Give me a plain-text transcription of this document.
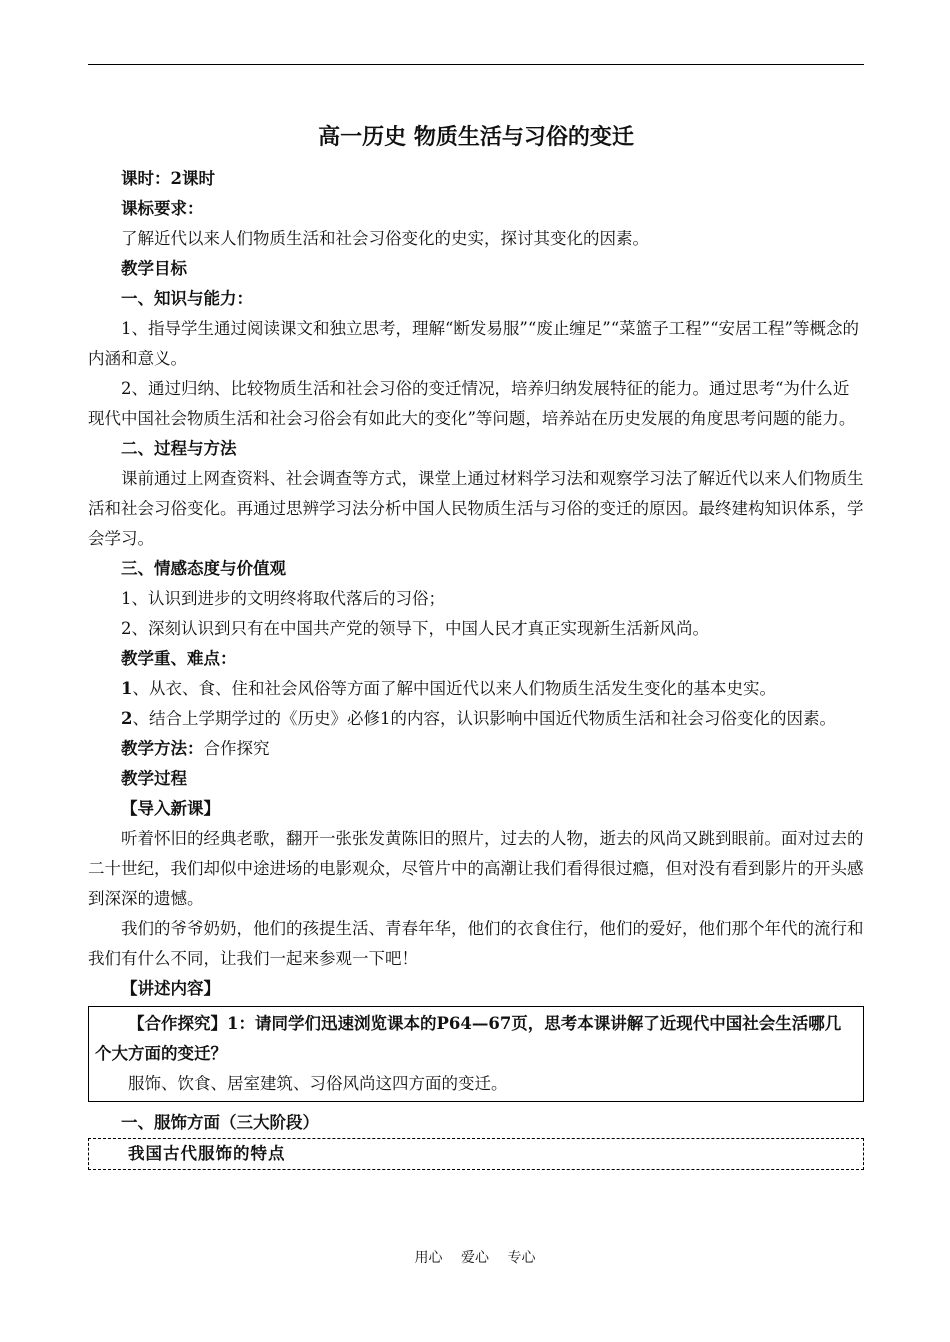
高一历史 物质生活与习俗的变迁

课时：2课时

课标要求：

了解近代以来人们物质生活和社会习俗变化的史实，探讨其变化的因素。

教学目标

一、知识与能力：

1、指导学生通过阅读课文和独立思考，理解“断发易服”“废止缠足”“菜篮子工程”“安居工程”等概念的内涵和意义。

2、通过归纳、比较物质生活和社会习俗的变迁情况，培养归纳发展特征的能力。通过思考“为什么近现代中国社会物质生活和社会习俗会有如此大的变化”等问题，培养站在历史发展的角度思考问题的能力。

二、过程与方法

课前通过上网查资料、社会调查等方式，课堂上通过材料学习法和观察学习法了解近代以来人们物质生活和社会习俗变化。再通过思辨学习法分析中国人民物质生活与习俗的变迁的原因。最终建构知识体系，学会学习。

三、情感态度与价值观

1、认识到进步的文明终将取代落后的习俗；

2、深刻认识到只有在中国共产党的领导下，中国人民才真正实现新生活新风尚。

教学重、难点：

1、从衣、食、住和社会风俗等方面了解中国近代以来人们物质生活发生变化的基本史实。

2、结合上学期学过的《历史》必修1的内容，认识影响中国近代物质生活和社会习俗变化的因素。

教学方法：合作探究

教学过程

【导入新课】

听着怀旧的经典老歌，翻开一张张发黄陈旧的照片，过去的人物，逝去的风尚又跳到眼前。面对过去的二十世纪，我们却似中途进场的电影观众，尽管片中的高潮让我们看得很过瘾，但对没有看到影片的开头感到深深的遗憾。

我们的爷爷奶奶，他们的孩提生活、青春年华，他们的衣食住行，他们的爱好，他们那个年代的流行和我们有什么不同，让我们一起来参观一下吧！

【讲述内容】

【合作探究】1：请同学们迅速浏览课本的P64—67页，思考本课讲解了近现代中国社会生活哪几个大方面的变迁？

服饰、饮食、居室建筑、习俗风尚这四方面的变迁。

一、服饰方面（三大阶段）

我国古代服饰的特点

用心 爱心 专心
